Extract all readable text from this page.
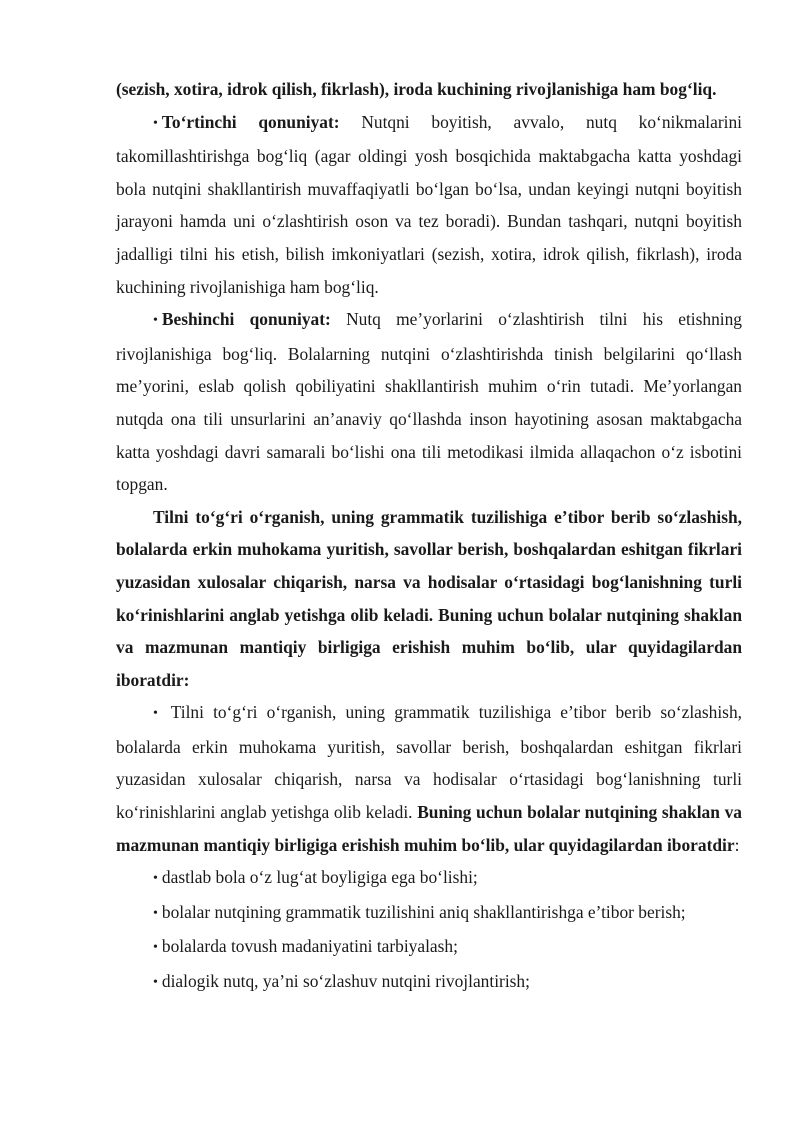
(sezish, xotira, idrok qilish, fikrlash), iroda kuchining rivojlanishiga ham bog‘liq.

• To‘rtinchi qonuniyat: Nutqni boyitish, avvalo, nutq ko‘nikmalarini takomillashtirishga bog‘liq (agar oldingi yosh bosqichida maktabgacha katta yoshdagi bola nutqini shakllantirish muvaffaqiyatli bo‘lgan bo‘lsa, undan keyingi nutqni boyitish jarayoni hamda uni o‘zlashtirish oson va tez boradi). Bundan tashqari, nutqni boyitish jadalligi tilni his etish, bilish imkoniyatlari (sezish, xotira, idrok qilish, fikrlash), iroda kuchining rivojlanishiga ham bog‘liq.

• Beshinchi qonuniyat: Nutq me’yorlarini o‘zlashtirish tilni his etishning rivojlanishiga bog‘liq. Bolalarning nutqini o‘zlashtirishda tinish belgilarini qo‘llash me’yorini, eslab qolish qobiliyatini shakllantirish muhim o‘rin tutadi. Me’yorlangan nutqda ona tili unsurlarini an’anaviy qo‘llashda inson hayotining asosan maktabgacha katta yoshdagi davri samarali bo‘lishi ona tili metodikasi ilmida allaqachon o‘z isbotini topgan.

Tilni to‘g‘ri o‘rganish, uning grammatik tuzilishiga e’tibor berib so‘zlashish, bolalarda erkin muhokama yuritish, savollar berish, boshqalardan eshitgan fikrlari yuzasidan xulosalar chiqarish, narsa va hodisalar o‘rtasidagi bog‘lanishning turli ko‘rinishlarini anglab yetishga olib keladi. Buning uchun bolalar nutqining shaklan va mazmunan mantiqiy birligiga erishish muhim bo‘lib, ular quyidagilardan iboratdir:

• Tilni to‘g‘ri o‘rganish, uning grammatik tuzilishiga e’tibor berib so‘zlashish, bolalarda erkin muhokama yuritish, savollar berish, boshqalardan eshitgan fikrlari yuzasidan xulosalar chiqarish, narsa va hodisalar o‘rtasidagi bog‘lanishning turli ko‘rinishlarini anglab yetishga olib keladi. Buning uchun bolalar nutqining shaklan va mazmunan mantiqiy birligiga erishish muhim bo‘lib, ular quyidagilardan iboratdir:

• dastlab bola o‘z lug‘at boyligiga ega bo‘lishi;

• bolalar nutqining grammatik tuzilishini aniq shakllantirishga e’tibor berish;

• bolalarda tovush madaniyatini tarbiyalash;

• dialogik nutq, ya’ni so‘zlashuv nutqini rivojlantirish;
